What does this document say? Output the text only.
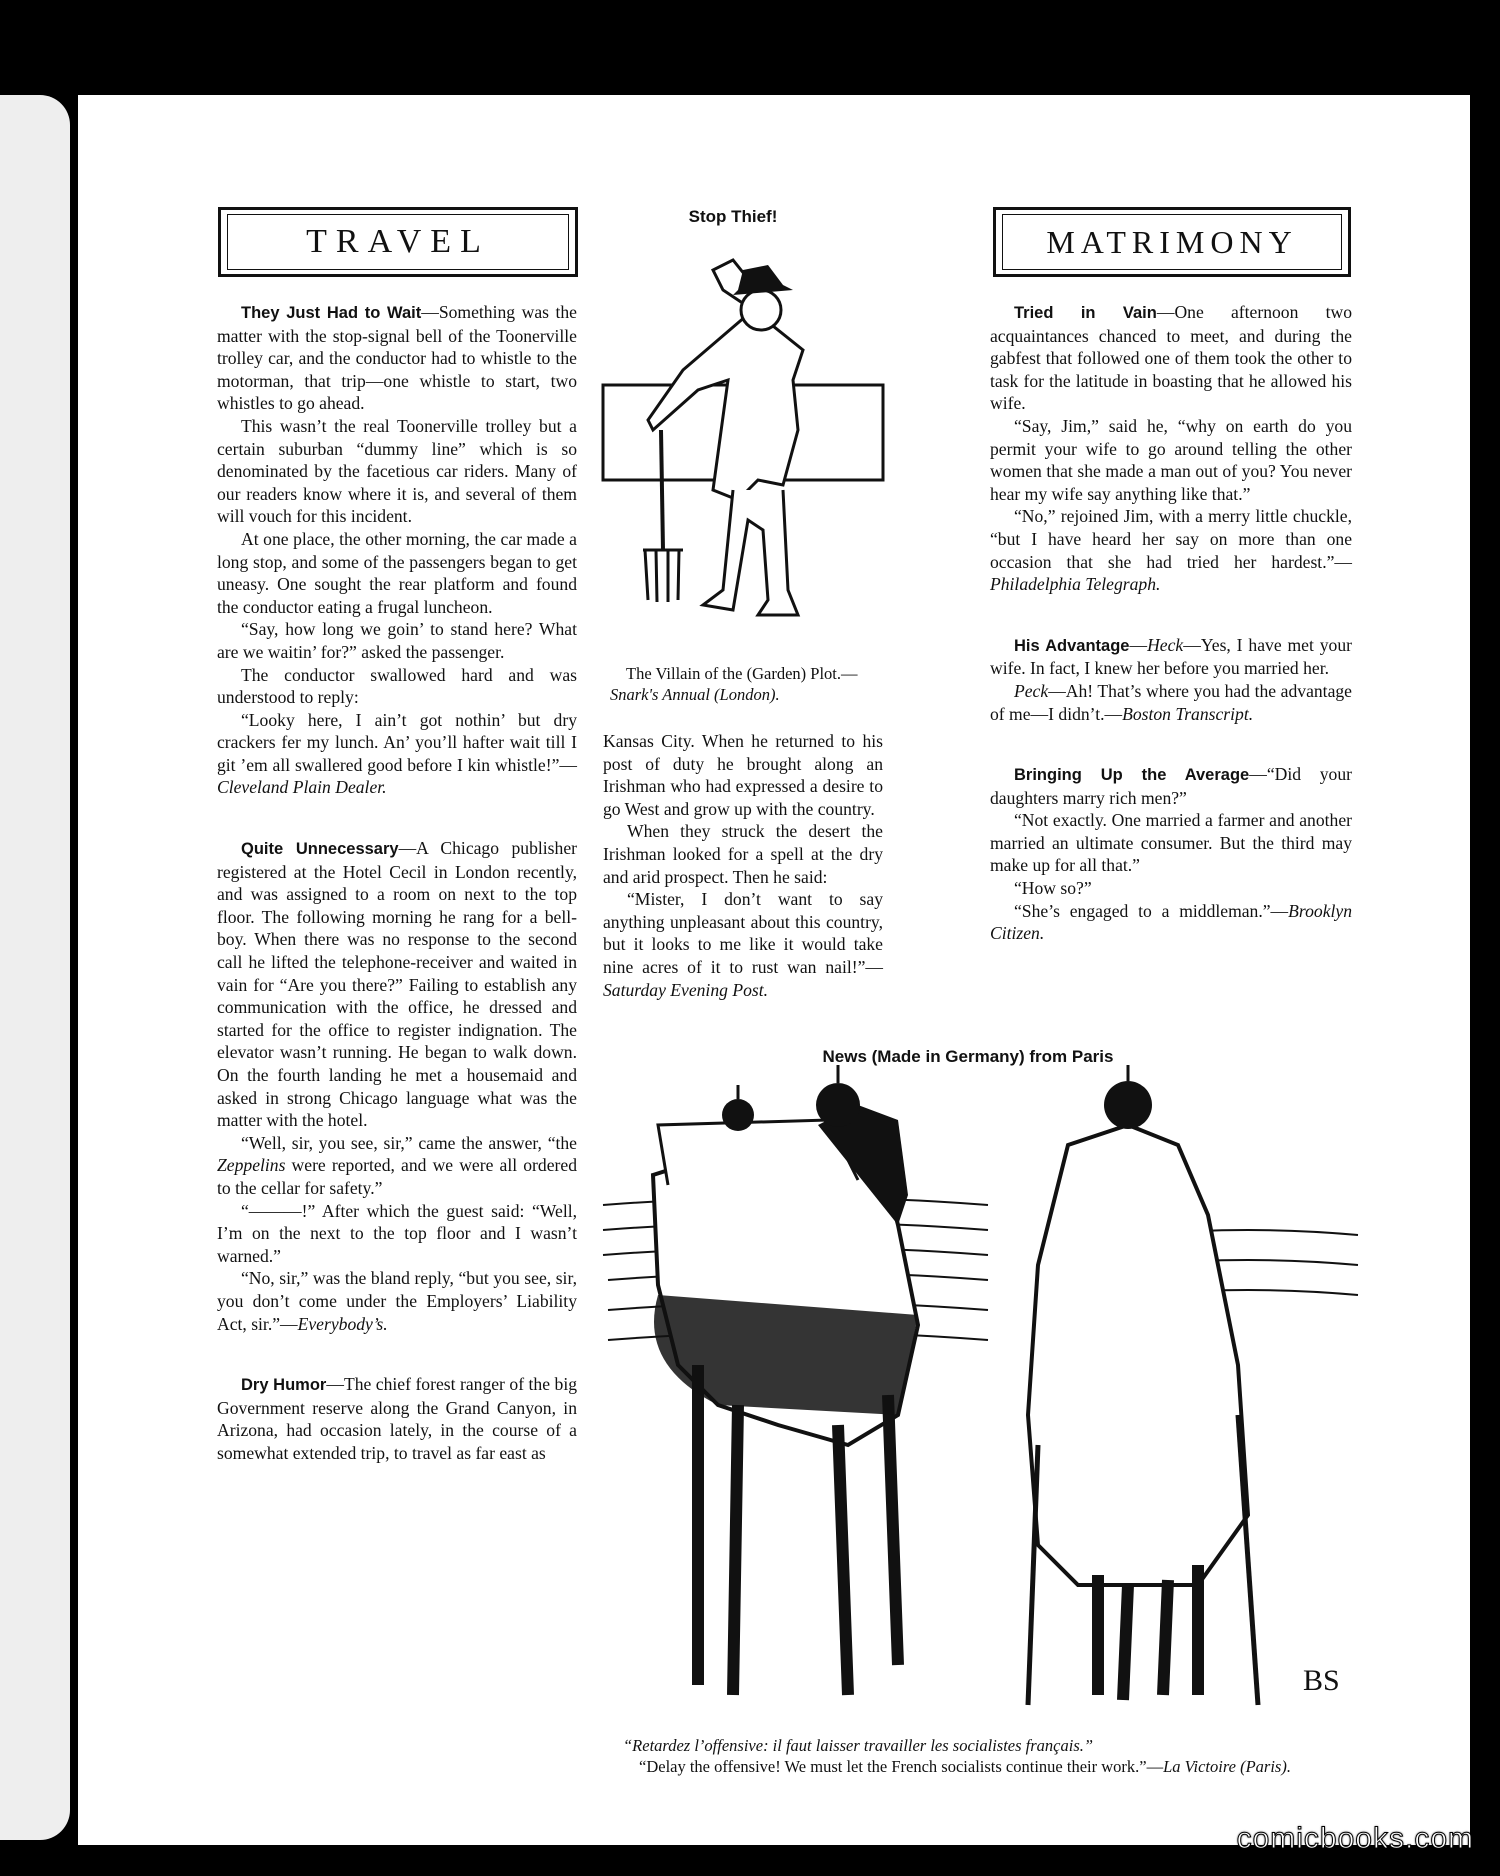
TRAVEL	MATRIMONY

They Just Had to Wait—Something was the matter with the stop-signal bell of the Toonerville trolley car, and the conductor had to whistle to the motorman, that trip—one whistle to start, two whistles to go ahead.

This wasn’t the real Toonerville trolley but a certain suburban “dummy line” which is so denominated by the facetious car riders. Many of our readers know where it is, and several of them will vouch for this incident.

At one place, the other morning, the car made a long stop, and some of the passengers began to get uneasy. One sought the rear platform and found the conductor eating a frugal luncheon.

“Say, how long we goin’ to stand here? What are we waitin’ for?” asked the passenger.

The conductor swallowed hard and was understood to reply:

“Looky here, I ain’t got nothin’ but dry crackers fer my lunch. An’ you’ll hafter wait till I git ’em all swallered good before I kin whistle!”—Cleveland Plain Dealer.

Quite Unnecessary—A Chicago publisher registered at the Hotel Cecil in London recently, and was assigned to a room on next to the top floor. The following morning he rang for a bell-boy. When there was no response to the second call he lifted the telephone-receiver and waited in vain for “Are you there?” Failing to establish any communication with the office, he dressed and started for the office to register indignation. The elevator wasn’t running. He began to walk down. On the fourth landing he met a housemaid and asked in strong Chicago language what was the matter with the hotel.

“Well, sir, you see, sir,” came the answer, “the Zeppelins were reported, and we were all ordered to the cellar for safety.”

“———!” After which the guest said: “Well, I’m on the next to the top floor and I wasn’t warned.”

“No, sir,” was the bland reply, “but you see, sir, you don’t come under the Employers’ Liability Act, sir.”—Everybody’s.

Dry Humor—The chief forest ranger of the big Government reserve along the Grand Canyon, in Arizona, had occasion lately, in the course of a somewhat extended trip, to travel as far east as

Stop Thief!
The Villain of the (Garden) Plot.—Snark's Annual (London).

Kansas City. When he returned to his post of duty he brought along an Irishman who had expressed a desire to go West and grow up with the country.

When they struck the desert the Irishman looked for a spell at the dry and arid prospect. Then he said:

“Mister, I don’t want to say anything unpleasant about this country, but it looks to me like it would take nine acres of it to rust wan nail!”—Saturday Evening Post.

Tried in Vain—One afternoon two acquaintances chanced to meet, and during the gabfest that followed one of them took the other to task for the latitude in boasting that he allowed his wife.

“Say, Jim,” said he, “why on earth do you permit your wife to go around telling the other women that she made a man out of you? You never hear my wife say anything like that.”

“No,” rejoined Jim, with a merry little chuckle, “but I have heard her say on more than one occasion that she had tried her hardest.”—Philadelphia Telegraph.

His Advantage—Heck—Yes, I have met your wife. In fact, I knew her before you married her.

Peck—Ah! That’s where you had the advantage of me—I didn’t.—Boston Transcript.

Bringing Up the Average—“Did your daughters marry rich men?”

“Not exactly. One married a farmer and another married an ultimate consumer. But the third may make up for all that.”

“How so?”

“She’s engaged to a middleman.”—Brooklyn Citizen.

News (Made in Germany) from Paris
BS
“Retardez l’offensive: il faut laisser travailler les socialistes français.”
“Delay the offensive! We must let the French socialists continue their work.”—La Victoire (Paris).
comicbooks.com
